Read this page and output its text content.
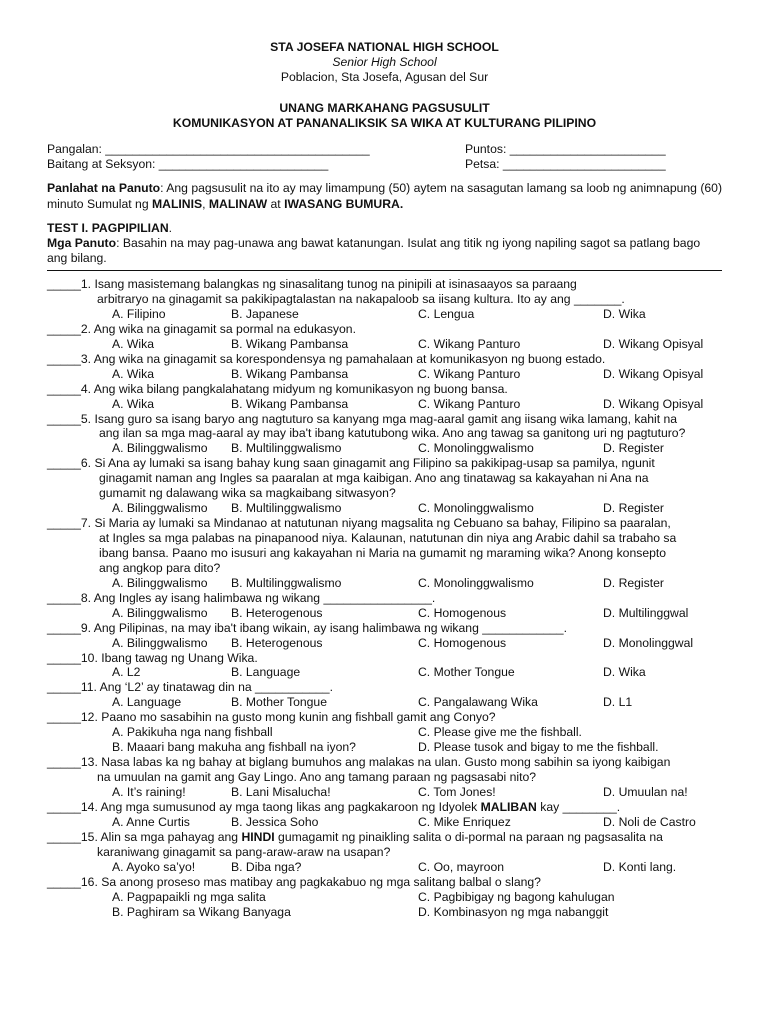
STA JOSEFA NATIONAL HIGH SCHOOL
Senior High School
Poblacion, Sta Josefa, Agusan del Sur
UNANG MARKAHANG PAGSUSULIT
KOMUNIKASYON AT PANANALIKSIK SA WIKA AT KULTURANG PILIPINO
Pangalan: _______________________________________
Baitang at Seksyon: _________________________
Puntos: _______________________
Petsa: ________________________
Panlahat na Panuto: Ang pagsusulit na ito ay may limampung (50) aytem na sasagutan lamang sa loob ng animnapung (60) minuto Sumulat ng MALINIS, MALINAW at IWASANG BUMURA.
TEST I. PAGPIPILIAN.
Mga Panuto: Basahin na may pag-unawa ang bawat katanungan. Isulat ang titik ng iyong napiling sagot sa patlang bago ang bilang.
_____1. Isang masistemang balangkas ng sinasalitang tunog na pinipili at isinasaayos sa paraang
arbitraryo na ginagamit sa pakikipagtalastan na nakapaloob sa iisang kultura. Ito ay ang _______.
A. Filipino	B. Japanese	C. Lengua	D. Wika
_____2. Ang wika na ginagamit sa pormal na edukasyon.
A. Wika	B. Wikang Pambansa	C. Wikang Panturo	D. Wikang Opisyal
_____3. Ang wika na ginagamit sa korespondensya ng pamahalaan at komunikasyon ng buong estado.
A. Wika	B. Wikang Pambansa	C. Wikang Panturo	D. Wikang Opisyal
_____4. Ang wika bilang pangkalahatang midyum ng komunikasyon ng buong bansa.
A. Wika	B. Wikang Pambansa	C. Wikang Panturo	D. Wikang Opisyal
_____5. Isang guro sa isang baryo ang nagtuturo sa kanyang mga mag-aaral gamit ang iisang wika lamang, kahit na
ang ilan sa mga mag-aaral ay may iba't ibang katutubong wika. Ano ang tawag sa ganitong uri ng pagtuturo?
A. Bilinggwalismo B. Multilinggwalismo	C. Monolinggwalismo	D. Register
_____6. Si Ana ay lumaki sa isang bahay kung saan ginagamit ang Filipino sa pakikipag-usap sa pamilya, ngunit
ginagamit naman ang Ingles sa paaralan at mga kaibigan. Ano ang tinatawag sa kakayahan ni Ana na
gumamit ng dalawang wika sa magkaibang sitwasyon?
A. Bilinggwalismo B. Multilinggwalismo	C. Monolinggwalismo	D. Register
_____7. Si Maria ay lumaki sa Mindanao at natutunan niyang magsalita ng Cebuano sa bahay, Filipino sa paaralan,
at Ingles sa mga palabas na pinapanood niya. Kalaunan, natutunan din niya ang Arabic dahil sa trabaho sa
ibang bansa. Paano mo isusuri ang kakayahan ni Maria na gumamit ng maraming wika? Anong konsepto
ang angkop para dito?
A. Bilinggwalismo B. Multilinggwalismo	C. Monolinggwalismo	D. Register
_____8. Ang Ingles ay isang halimbawa ng wikang ________________.
A. Bilinggwalismo B. Heterogenous	C. Homogenous	D. Multilinggwal
_____9. Ang Pilipinas, na may iba't ibang wikain, ay isang halimbawa ng wikang ____________.
A. Bilinggwalismo B. Heterogenous	C. Homogenous	D. Monolinggwal
_____10. Ibang tawag ng Unang Wika.
A. L2	B. Language	C. Mother Tongue	D. Wika
_____11. Ang ‘L2’ ay tinatawag din na ___________.
A. Language	B. Mother Tongue	C. Pangalawang Wika	D. L1
_____12. Paano mo sasabihin na gusto mong kunin ang fishball gamit ang Conyo?
A. Pakikuha nga nang fishball	C. Please give me the fishball.
B. Maaari bang makuha ang fishball na iyon?	D. Please tusok and bigay to me the fishball.
_____13. Nasa labas ka ng bahay at biglang bumuhos ang malakas na ulan. Gusto mong sabihin sa iyong kaibigan
na umuulan na gamit ang Gay Lingo. Ano ang tamang paraan ng pagsasabi nito?
A. It’s raining!	B. Lani Misalucha!	C. Tom Jones!	D. Umuulan na!
_____14. Ang mga sumusunod ay mga taong likas ang pagkakaroon ng Idyolek MALIBAN kay ________.
A. Anne Curtis	B. Jessica Soho	C. Mike Enriquez	D. Noli de Castro
_____15. Alin sa mga pahayag ang HINDI gumagamit ng pinaikling salita o di-pormal na paraan ng pagsasalita na
karaniwang ginagamit sa pang-araw-araw na usapan?
A. Ayoko sa’yo!	B. Diba nga?	C. Oo, mayroon	D. Konti lang.
_____16. Sa anong proseso mas matibay ang pagkakabuo ng mga salitang balbal o slang?
A. Pagpapaikli ng mga salita	C. Pagbibigay ng bagong kahulugan
B. Paghiram sa Wikang Banyaga	D. Kombinasyon ng mga nabanggit
